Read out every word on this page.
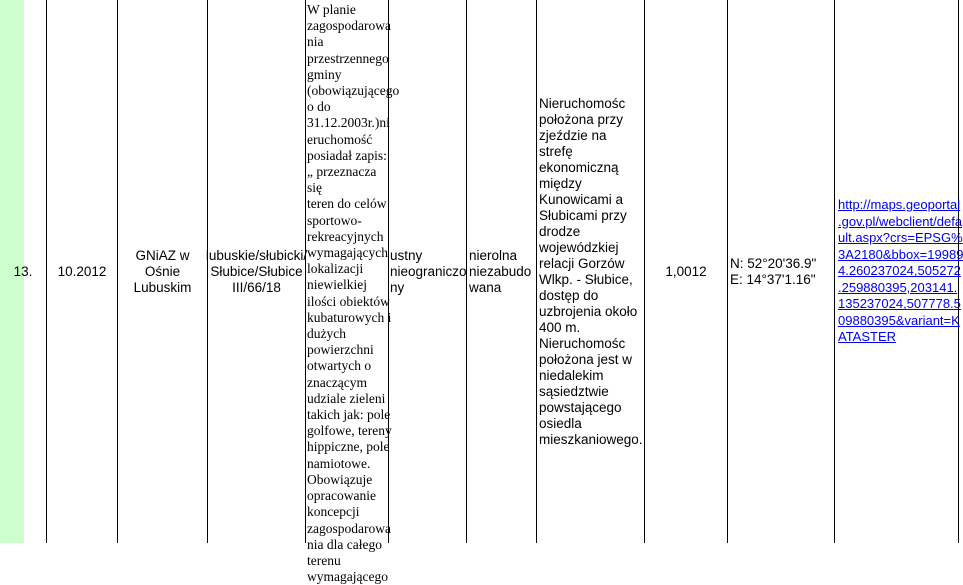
13. 10.2012
GNiAZ w Ośnie
Lubuskim
lubuskie/słubicki/
Słubice/Słubice
III/66/18
W planie
zagospodarowa
nia
przestrzennego
gminy
(obowiązującego
o do
31.12.2003r.)ni
eruchomość
posiadał zapis:
„ przeznacza się
teren do celów
sportowo-
rekreacyjnych
wymagających
lokalizacji
niewielkiej
ilości obiektów
kubaturowych i
dużych
powierzchni
otwartych o
znaczącym
udziale zieleni
takich jak: pole
golfowe, tereny
hippiczne, pole
namiotowe.
Obowiązuje
opracowanie
koncepcji
zagospodarowa
nia dla całego
terenu
wymagającego
ustny
nieograniczo
ny
nierolna
niezabudo
wana
Nieruchomośc
położona przy
zjeździe na strefę
ekonomiczną
między
Kunowicami a
Słubicami przy
drodze
wojewódzkiej
relacji Gorzów
Wlkp. - Słubice,
dostęp do
uzbrojenia około
400 m.
Nieruchomośc
położona jest w
niedalekim
sąsiedztwie
powstającego
osiedla
mieszkaniowego.
1,0012
N: 52°20'36.9"
E: 14°37'1.16"
http://maps.geoportal
.gov.pl/webclient/defa
ult.aspx?crs=EPSG%
3A2180&bbox=19989
4.260237024,505272
.259880395,203141.
135237024,507778.5
09880395&variant=K
ATASTER
